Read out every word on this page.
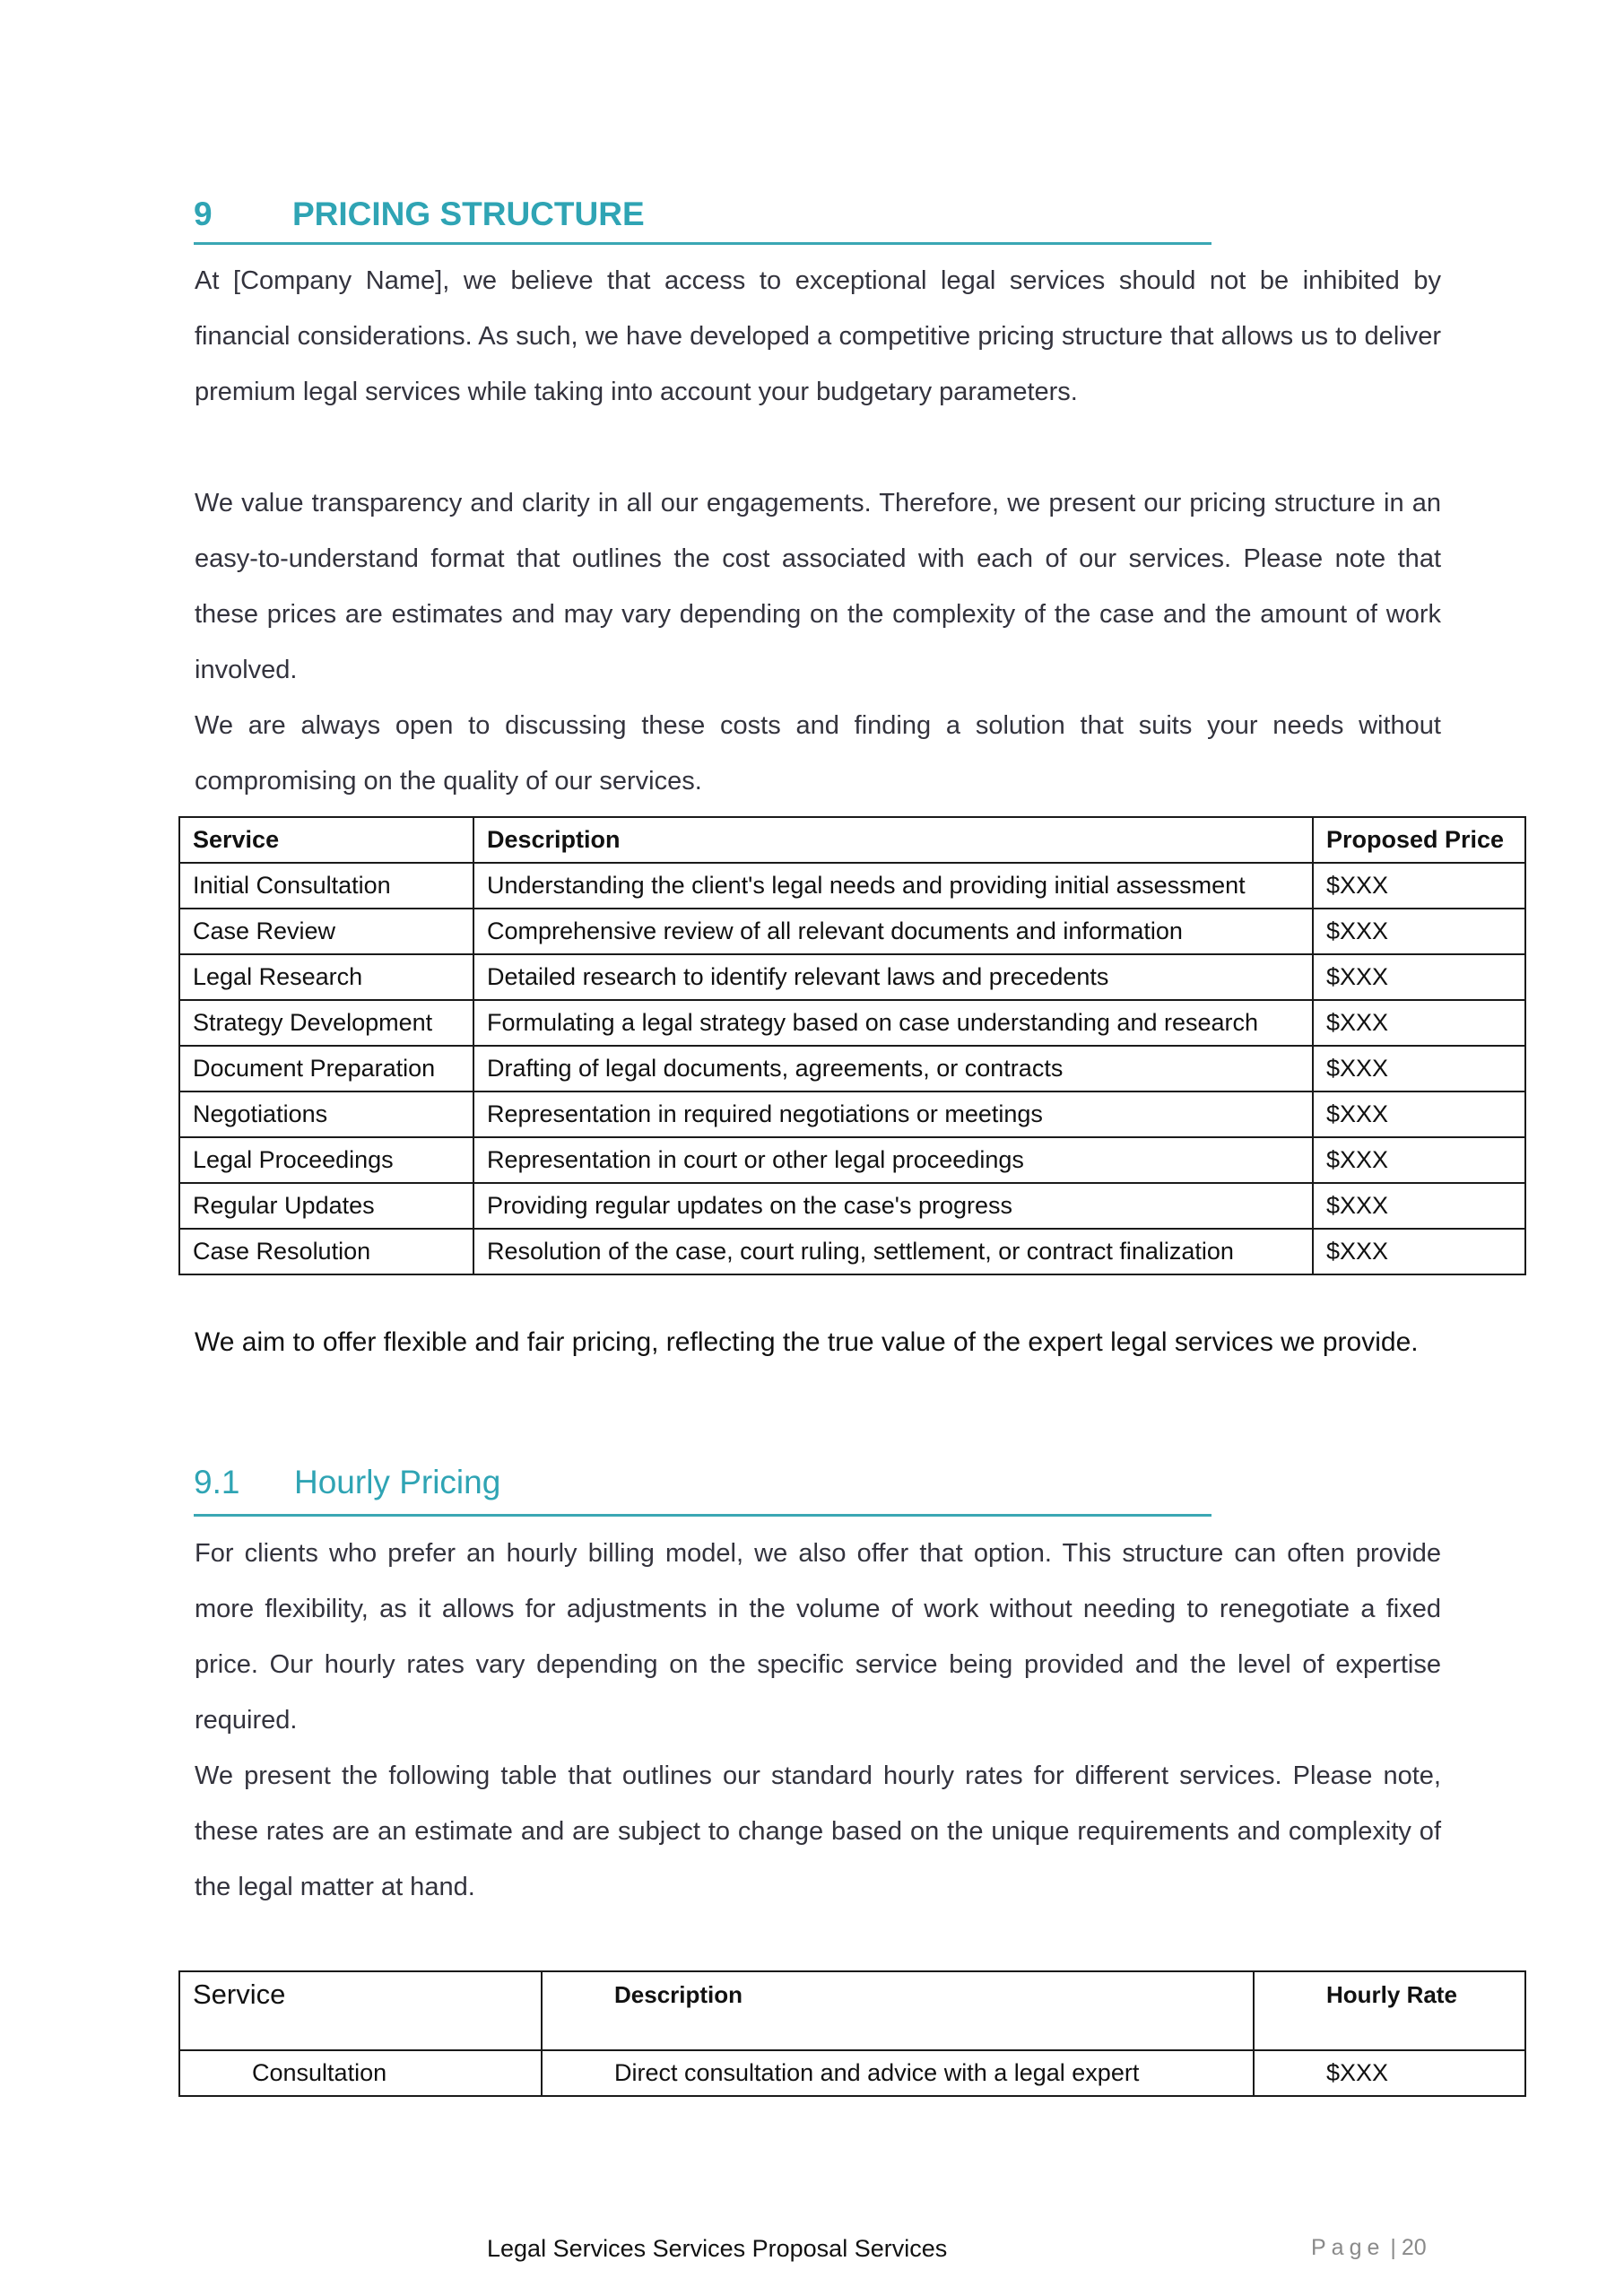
9 PRICING STRUCTURE

At [Company Name], we believe that access to exceptional legal services should not be inhibited by financial considerations. As such, we have developed a competitive pricing structure that allows us to deliver premium legal services while taking into account your budgetary parameters.

We value transparency and clarity in all our engagements. Therefore, we present our pricing structure in an easy-to-understand format that outlines the cost associated with each of our services. Please note that these prices are estimates and may vary depending on the complexity of the case and the amount of work involved.

We are always open to discussing these costs and finding a solution that suits your needs without compromising on the quality of our services.

Service	Description	Proposed Price
Initial Consultation	Understanding the client's legal needs and providing initial assessment	$XXX
Case Review	Comprehensive review of all relevant documents and information	$XXX
Legal Research	Detailed research to identify relevant laws and precedents	$XXX
Strategy Development	Formulating a legal strategy based on case understanding and research	$XXX
Document Preparation	Drafting of legal documents, agreements, or contracts	$XXX
Negotiations	Representation in required negotiations or meetings	$XXX
Legal Proceedings	Representation in court or other legal proceedings	$XXX
Regular Updates	Providing regular updates on the case's progress	$XXX
Case Resolution	Resolution of the case, court ruling, settlement, or contract finalization	$XXX
We aim to offer flexible and fair pricing, reflecting the true value of the expert legal services we provide.
9.1 Hourly Pricing

For clients who prefer an hourly billing model, we also offer that option. This structure can often provide more flexibility, as it allows for adjustments in the volume of work without needing to renegotiate a fixed price. Our hourly rates vary depending on the specific service being provided and the level of expertise required.

We present the following table that outlines our standard hourly rates for different services. Please note, these rates are an estimate and are subject to change based on the unique requirements and complexity of the legal matter at hand.

Service	Description	Hourly Rate
Consultation	Direct consultation and advice with a legal expert	$XXX
Legal Services Services Proposal Services	Page | 20
